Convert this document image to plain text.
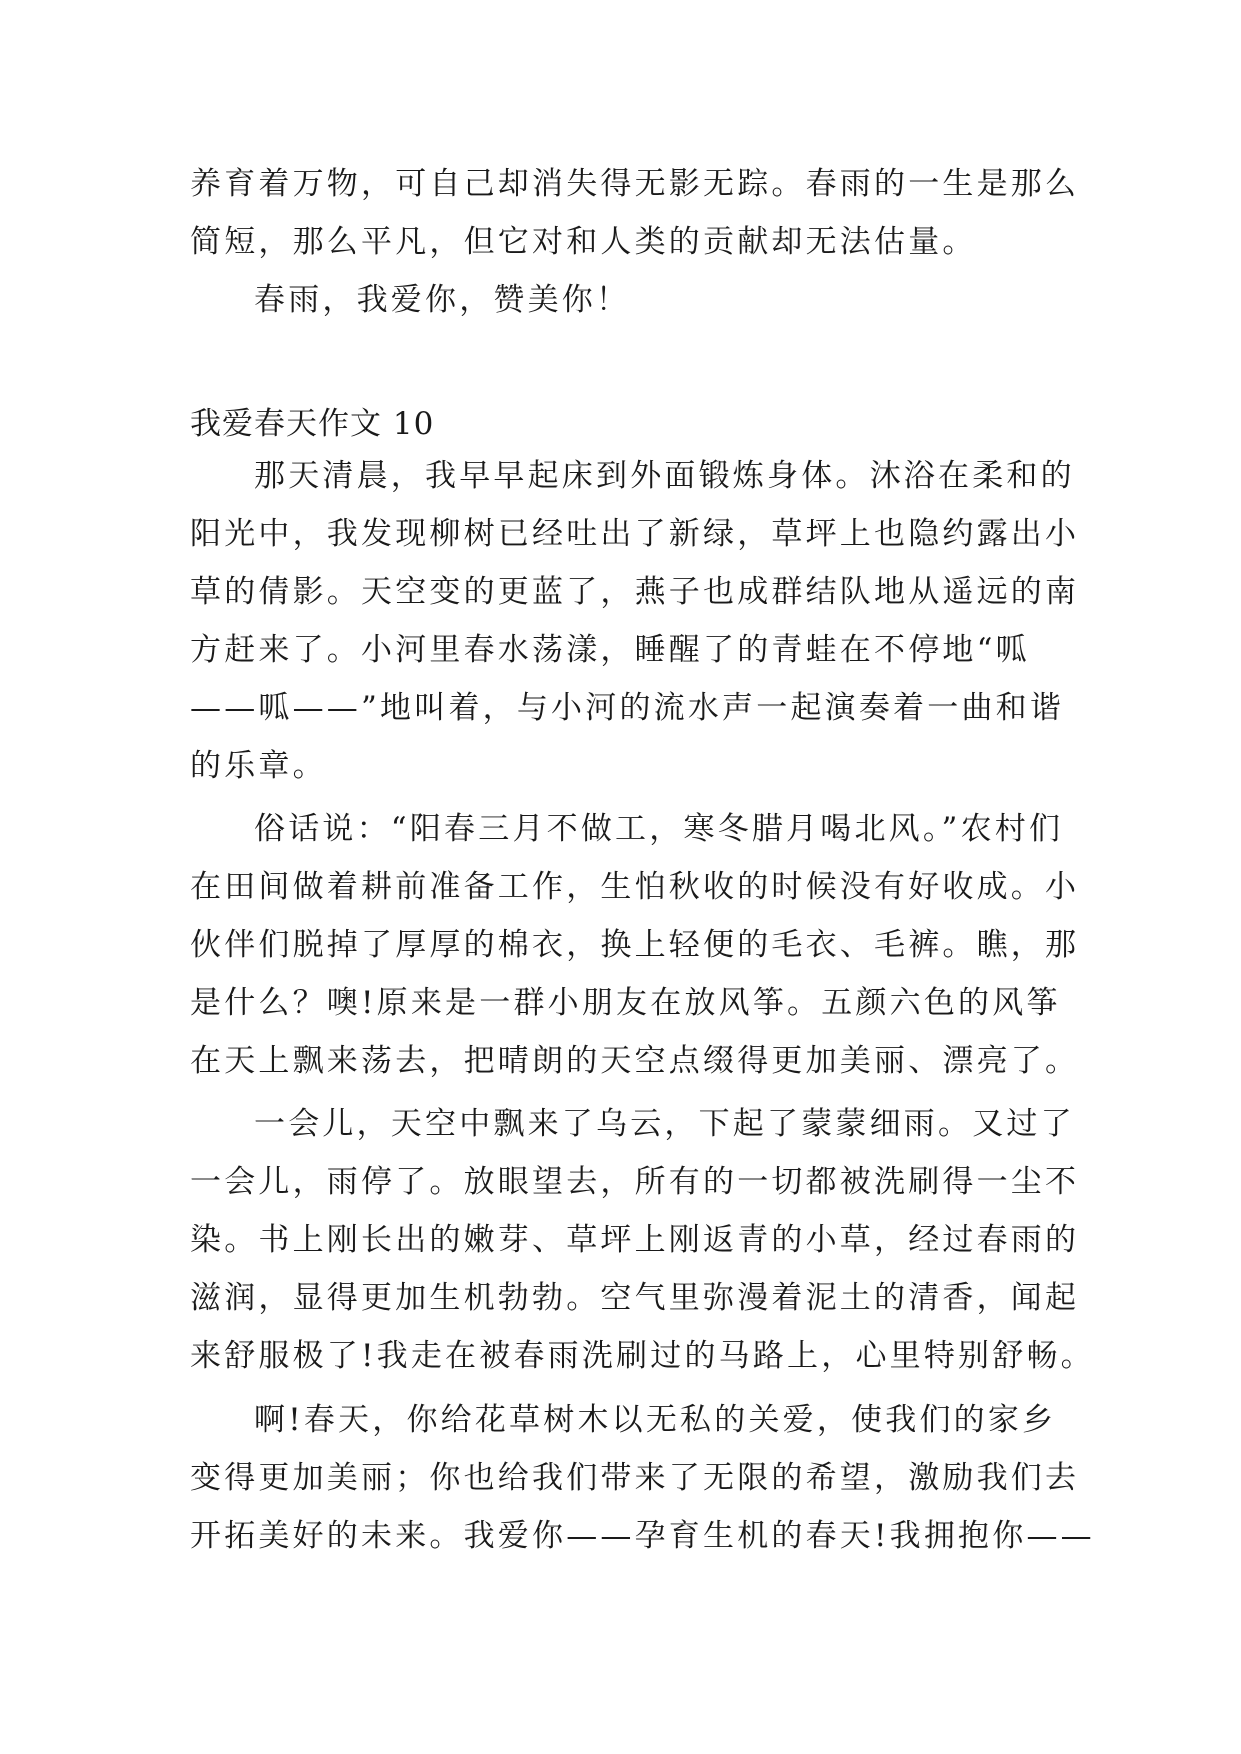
养育着万物，可自己却消失得无影无踪。春雨的一生是那么
简短，那么平凡，但它对和人类的贡献却无法估量。
春雨，我爱你，赞美你！
我爱春天作文 10
那天清晨，我早早起床到外面锻炼身体。沐浴在柔和的
阳光中，我发现柳树已经吐出了新绿，草坪上也隐约露出小
草的倩影。天空变的更蓝了，燕子也成群结队地从遥远的南
方赶来了。小河里春水荡漾，睡醒了的青蛙在不停地“呱
——呱——”地叫着，与小河的流水声一起演奏着一曲和谐
的乐章。
俗话说：“阳春三月不做工，寒冬腊月喝北风。”农村们
在田间做着耕前准备工作，生怕秋收的时候没有好收成。小
伙伴们脱掉了厚厚的棉衣，换上轻便的毛衣、毛裤。瞧，那
是什么？噢!原来是一群小朋友在放风筝。五颜六色的风筝
在天上飘来荡去，把晴朗的天空点缀得更加美丽、漂亮了。
一会儿，天空中飘来了乌云，下起了蒙蒙细雨。又过了
一会儿，雨停了。放眼望去，所有的一切都被洗刷得一尘不
染。书上刚长出的嫩芽、草坪上刚返青的小草，经过春雨的
滋润，显得更加生机勃勃。空气里弥漫着泥土的清香，闻起
来舒服极了!我走在被春雨洗刷过的马路上，心里特别舒畅。
啊!春天，你给花草树木以无私的关爱，使我们的家乡
变得更加美丽；你也给我们带来了无限的希望，激励我们去
开拓美好的未来。我爱你——孕育生机的春天!我拥抱你——
